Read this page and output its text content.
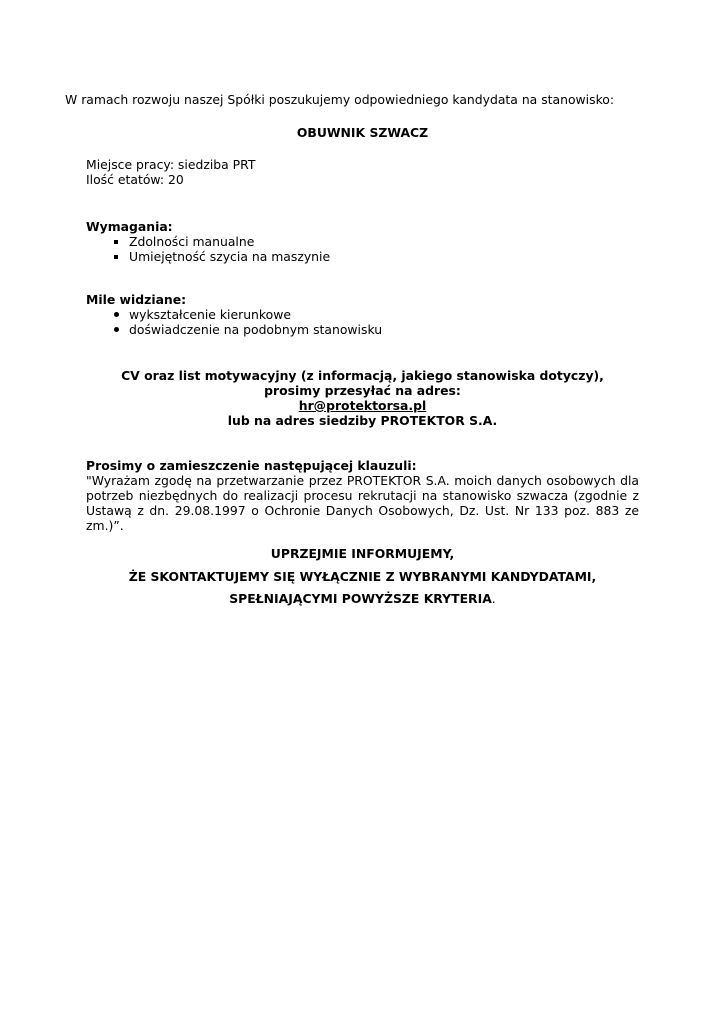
W ramach rozwoju naszej Spółki poszukujemy odpowiedniego kandydata na stanowisko:
OBUWNIK SZWACZ
Miejsce pracy: siedziba PRT
Ilość etatów: 20
Wymagania:
Zdolności manualne
Umiejętność szycia na maszynie
Mile widziane:
wykształcenie kierunkowe
doświadczenie na podobnym stanowisku
CV oraz list motywacyjny (z informacją, jakiego stanowiska dotyczy),
prosimy przesyłać na adres:
hr@protektorsa.pl
lub na adres siedziby PROTEKTOR S.A.
Prosimy o zamieszczenie następującej klauzuli:
"Wyrażam zgodę na przetwarzanie przez PROTEKTOR S.A. moich danych osobowych dla potrzeb niezbędnych do realizacji procesu rekrutacji na stanowisko szwacza (zgodnie z Ustawą z dn. 29.08.1997 o Ochronie Danych Osobowych, Dz. Ust. Nr 133 poz. 883 ze zm.)”.
UPRZEJMIE INFORMUJEMY,
ŻE SKONTAKTUJEMY SIĘ WYŁĄCZNIE Z WYBRANYMI KANDYDATAMI,
SPEŁNIAJĄCYMI POWYŻSZE KRYTERIA.
